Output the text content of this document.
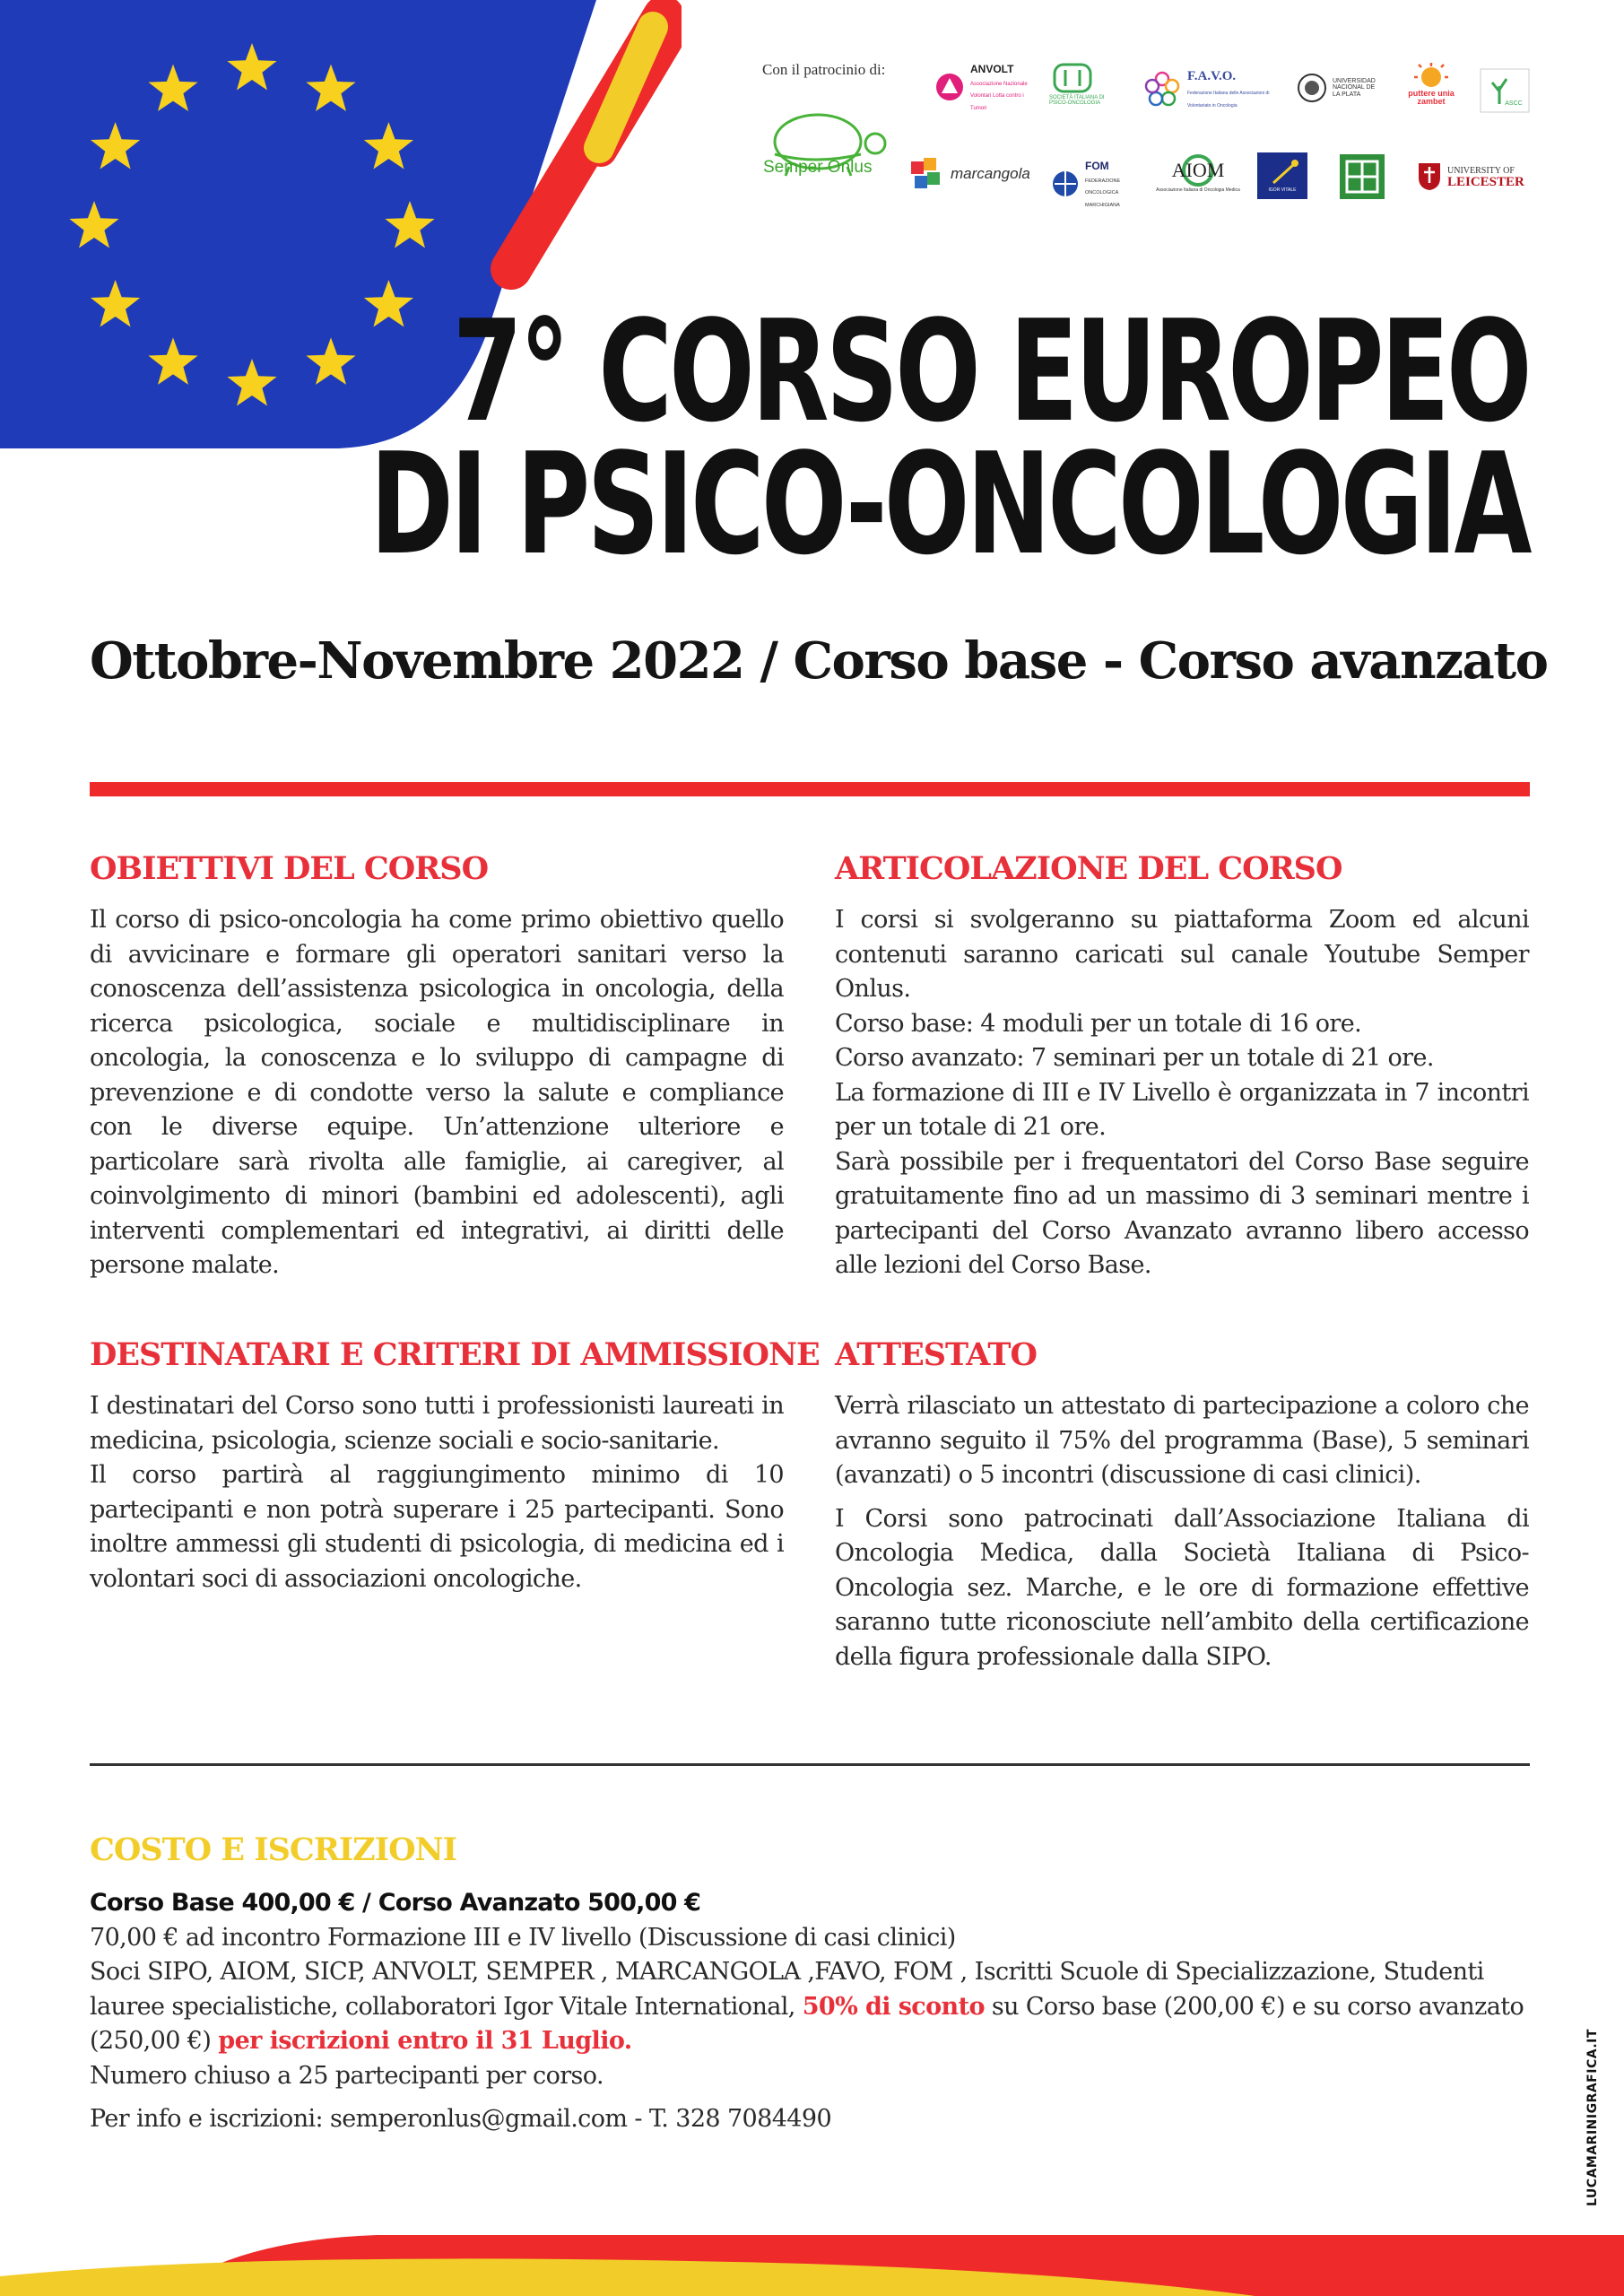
Con il patrocinio di:
Semper Onlus
ANVOLT
Associazione Nazionale Volontari Lotta contro i Tumori
SOCIETÀ ITALIANA DI PSICO-ONCOLOGIA
F.A.V.O.
Federazione Italiana delle Associazioni di Volontariato in Oncologia
UNIVERSIDAD NACIONAL DE LA PLATA	puttere unia zambet	ASCC
marcangola	FOM
FEDERAZIONE ONCOLOGICA MARCHIGIANA
AIOM
Associazione Italiana di Oncologia Medica	IGOR VITALE
UNIVERSITY OF
LEICESTER
7° CORSO EUROPEO
DI PSICO-ONCOLOGIA
Ottobre-Novembre 2022 / Corso base - Corso avanzato
OBIETTIVI DEL CORSO

Il corso di psico-oncologia ha come primo obiettivo quello di avvicinare e formare gli operatori sanitari verso la conoscenza dell’assistenza psicologica in oncologia, della ricerca psicologica, sociale e multidisciplinare in oncologia, la conoscenza e lo sviluppo di campagne di prevenzione e di condotte verso la salute e compliance con le diverse equipe. Un’attenzione ulteriore e particolare sarà rivolta alle famiglie, ai caregiver, al coinvolgimento di minori (bambini ed adolescenti), agli interventi complementari ed integrativi, ai diritti delle persone malate.

DESTINATARI E CRITERI DI AMMISSIONE

I destinatari del Corso sono tutti i professionisti laureati in medicina, psicologia, scienze sociali e socio-sanitarie.

Il corso partirà al raggiungimento minimo di 10 partecipanti e non potrà superare i 25 partecipanti. Sono inoltre ammessi gli studenti di psicologia, di medicina ed i volontari soci di associazioni oncologiche.

ARTICOLAZIONE DEL CORSO

I corsi si svolgeranno su piattaforma Zoom ed alcuni contenuti saranno caricati sul canale Youtube Semper Onlus.

Corso base: 4 moduli per un totale di 16 ore.

Corso avanzato: 7 seminari per un totale di 21 ore.

La formazione di III e IV Livello è organizzata in 7 incontri per un totale di 21 ore.

Sarà possibile per i frequentatori del Corso Base seguire gratuitamente fino ad un massimo di 3 seminari mentre i partecipanti del Corso Avanzato avranno libero accesso alle lezioni del Corso Base.

ATTESTATO

Verrà rilasciato un attestato di partecipazione a coloro che avranno seguito il 75% del programma (Base), 5 seminari (avanzati) o 5 incontri (discussione di casi clinici).

I Corsi sono patrocinati dall’Associazione Italiana di Oncologia Medica, dalla Società Italiana di Psico-Oncologia sez. Marche, e le ore di formazione effettive saranno tutte riconosciute nell’ambito della certificazione della figura professionale dalla SIPO.

COSTO E ISCRIZIONI

Corso Base 400,00 € / Corso Avanzato 500,00 €

70,00 € ad incontro Formazione III e IV livello (Discussione di casi clinici)

Soci SIPO, AIOM, SICP, ANVOLT, SEMPER , MARCANGOLA ,FAVO, FOM , Iscritti Scuole di Specializzazione, Studenti lauree specialistiche, collaboratori Igor Vitale International, 50% di sconto su Corso base (200,00 €) e su corso avanzato (250,00 €) per iscrizioni entro il 31 Luglio.

Numero chiuso a 25 partecipanti per corso.

Per info e iscrizioni: semperonlus@gmail.com - T. 328 7084490	LUCAMARINIGRAFICA.IT
